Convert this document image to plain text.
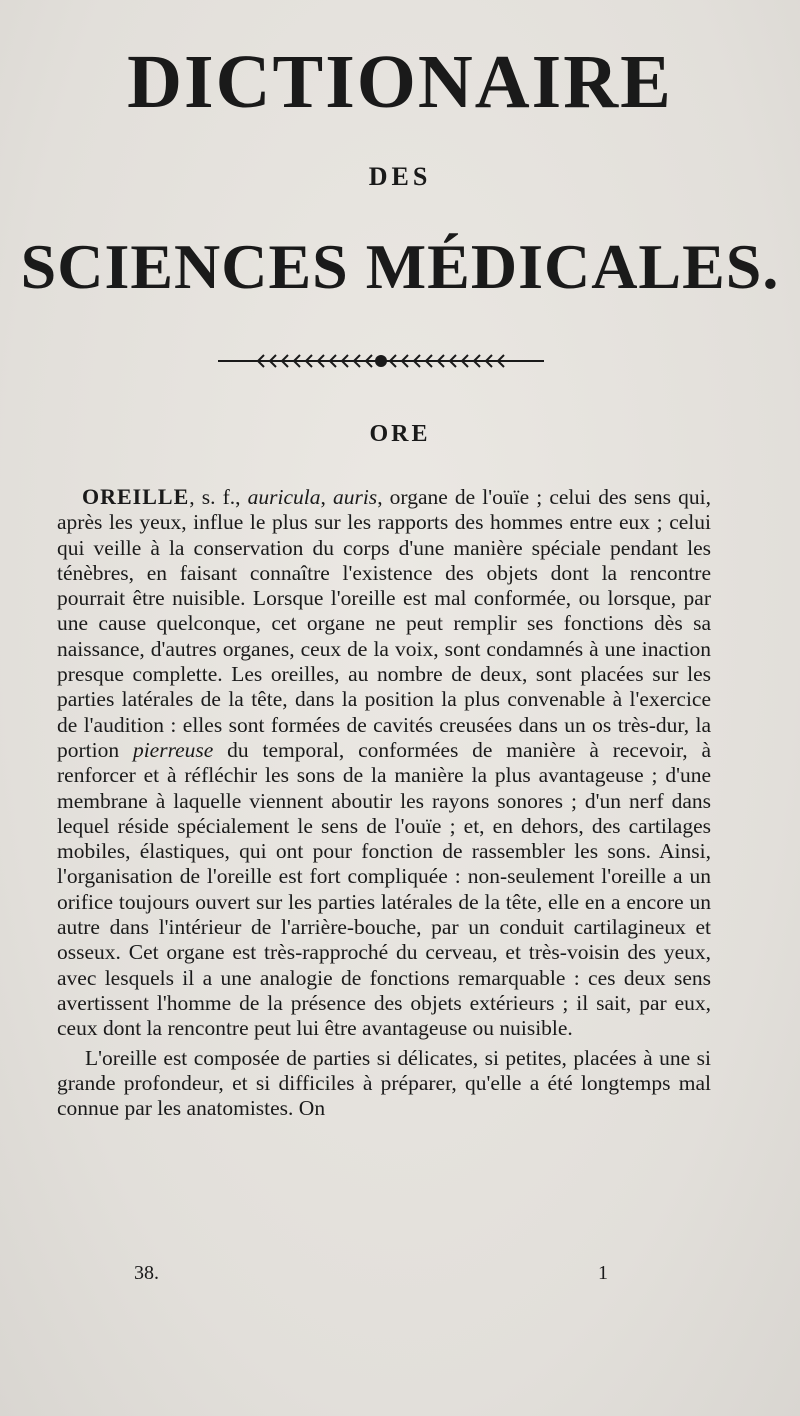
DICTIONAIRE
DES
SCIENCES MÉDICALES.
ORE

OREILLE, s. f., auricula, auris, organe de l'ouïe ; celui des sens qui, après les yeux, influe le plus sur les rapports des hommes entre eux ; celui qui veille à la conservation du corps d'une manière spéciale pendant les ténèbres, en faisant connaître l'existence des objets dont la rencontre pourrait être nuisible. Lorsque l'oreille est mal conformée, ou lorsque, par une cause quelconque, cet organe ne peut remplir ses fonctions dès sa naissance, d'autres organes, ceux de la voix, sont condamnés à une inaction presque complette. Les oreilles, au nombre de deux, sont placées sur les parties latérales de la tête, dans la position la plus convenable à l'exercice de l'audition : elles sont formées de cavités creusées dans un os très-dur, la portion pierreuse du temporal, conformées de manière à recevoir, à renforcer et à réfléchir les sons de la manière la plus avantageuse ; d'une membrane à laquelle viennent aboutir les rayons sonores ; d'un nerf dans lequel réside spécialement le sens de l'ouïe ; et, en dehors, des cartilages mobiles, élastiques, qui ont pour fonction de rassembler les sons. Ainsi, l'organisation de l'oreille est fort compliquée : non-seulement l'oreille a un orifice toujours ouvert sur les parties latérales de la tête, elle en a encore un autre dans l'intérieur de l'arrière-bouche, par un conduit cartilagineux et osseux. Cet organe est très-rapproché du cerveau, et très-voisin des yeux, avec lesquels il a une analogie de fonctions remarquable : ces deux sens avertissent l'homme de la présence des objets extérieurs ; il sait, par eux, ceux dont la rencontre peut lui être avantageuse ou nuisible.

L'oreille est composée de parties si délicates, si petites, placées à une si grande profondeur, et si difficiles à préparer, qu'elle a été longtemps mal connue par les anatomistes. On

38.	1
